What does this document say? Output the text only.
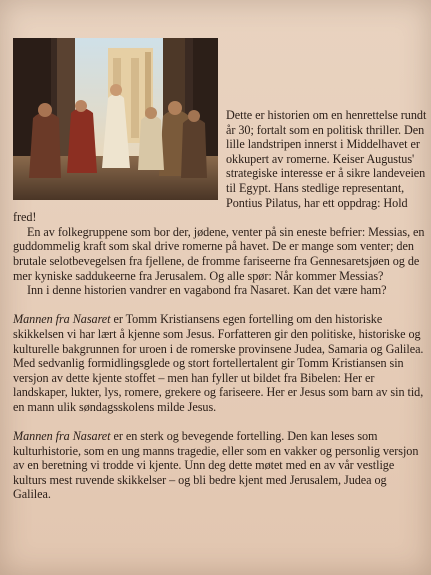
Dette er historien om en henrettelse rundt år 30; fortalt som en politisk thriller. Den lille landstripen innerst i Middelhavet er okkupert av romerne. Keiser Augustus' strategiske interesse er å sikre landeveien til Egypt. Hans stedlige representant, Pontius Pilatus, har ett oppdrag: Hold fred!

En av folkegruppene som bor der, jødene, venter på sin eneste befrier: Messias, en guddommelig kraft som skal drive romerne på havet. De er mange som venter; den brutale selotbevegelsen fra fjellene, de fromme fariseerne fra Gennesaretsjøen og de mer kyniske saddukeerne fra Jerusalem. Og alle spør: Når kommer Messias?

Inn i denne historien vandrer en vagabond fra Nasaret. Kan det være ham?

Mannen fra Nasaret er Tomm Kristiansens egen fortelling om den historiske skikkelsen vi har lært å kjenne som Jesus. Forfatteren gir den politiske, historiske og kulturelle bakgrunnen for uroen i de romerske provinsene Judea, Samaria og Galilea. Med sedvanlig formidlingsglede og stort fortellertalent gir Tomm Kristiansen sin versjon av dette kjente stoffet – men han fyller ut bildet fra Bibelen: Her er landskaper, lukter, lys, romere, grekere og fariseere. Her er Jesus som barn av sin tid, en mann ulik søndagsskolens milde Jesus.

Mannen fra Nasaret er en sterk og bevegende fortelling. Den kan leses som kulturhistorie, som en ung manns tragedie, eller som en vakker og personlig versjon av en beretning vi trodde vi kjente. Unn deg dette møtet med en av vår vestlige kulturs mest ruvende skikkelser – og bli bedre kjent med Jerusalem, Judea og Galilea.
